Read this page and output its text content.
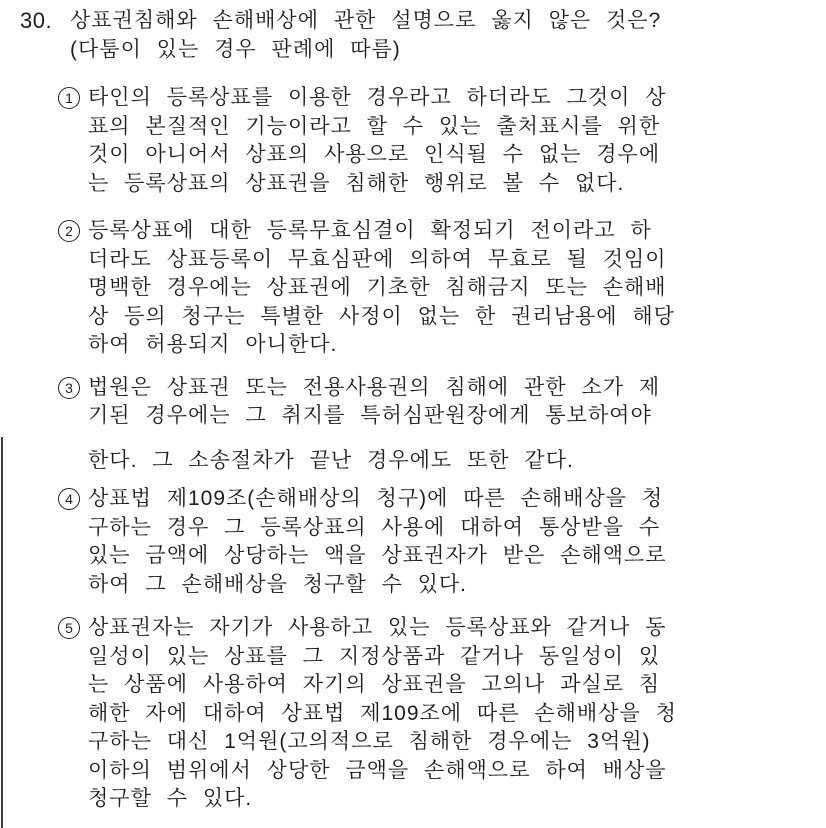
30. 상표권침해와 손해배상에 관한 설명으로 옳지 않은 것은?
(다툼이 있는 경우 판례에 따름)
1 타인의 등록상표를 이용한 경우라고 하더라도 그것이 상
표의 본질적인 기능이라고 할 수 있는 출처표시를 위한
것이 아니어서 상표의 사용으로 인식될 수 없는 경우에
는 등록상표의 상표권을 침해한 행위로 볼 수 없다.
2 등록상표에 대한 등록무효심결이 확정되기 전이라고 하
더라도 상표등록이 무효심판에 의하여 무효로 될 것임이
명백한 경우에는 상표권에 기초한 침해금지 또는 손해배
상 등의 청구는 특별한 사정이 없는 한 권리남용에 해당
하여 허용되지 아니한다.
3 법원은 상표권 또는 전용사용권의 침해에 관한 소가 제
기된 경우에는 그 취지를 특허심판원장에게 통보하여야
한다. 그 소송절차가 끝난 경우에도 또한 같다.
4 상표법 제109조(손해배상의 청구)에 따른 손해배상을 청
구하는 경우 그 등록상표의 사용에 대하여 통상받을 수
있는 금액에 상당하는 액을 상표권자가 받은 손해액으로
하여 그 손해배상을 청구할 수 있다.
5 상표권자는 자기가 사용하고 있는 등록상표와 같거나 동
일성이 있는 상표를 그 지정상품과 같거나 동일성이 있
는 상품에 사용하여 자기의 상표권을 고의나 과실로 침
해한 자에 대하여 상표법 제109조에 따른 손해배상을 청
구하는 대신 1억원(고의적으로 침해한 경우에는 3억원)
이하의 범위에서 상당한 금액을 손해액으로 하여 배상을
청구할 수 있다.
